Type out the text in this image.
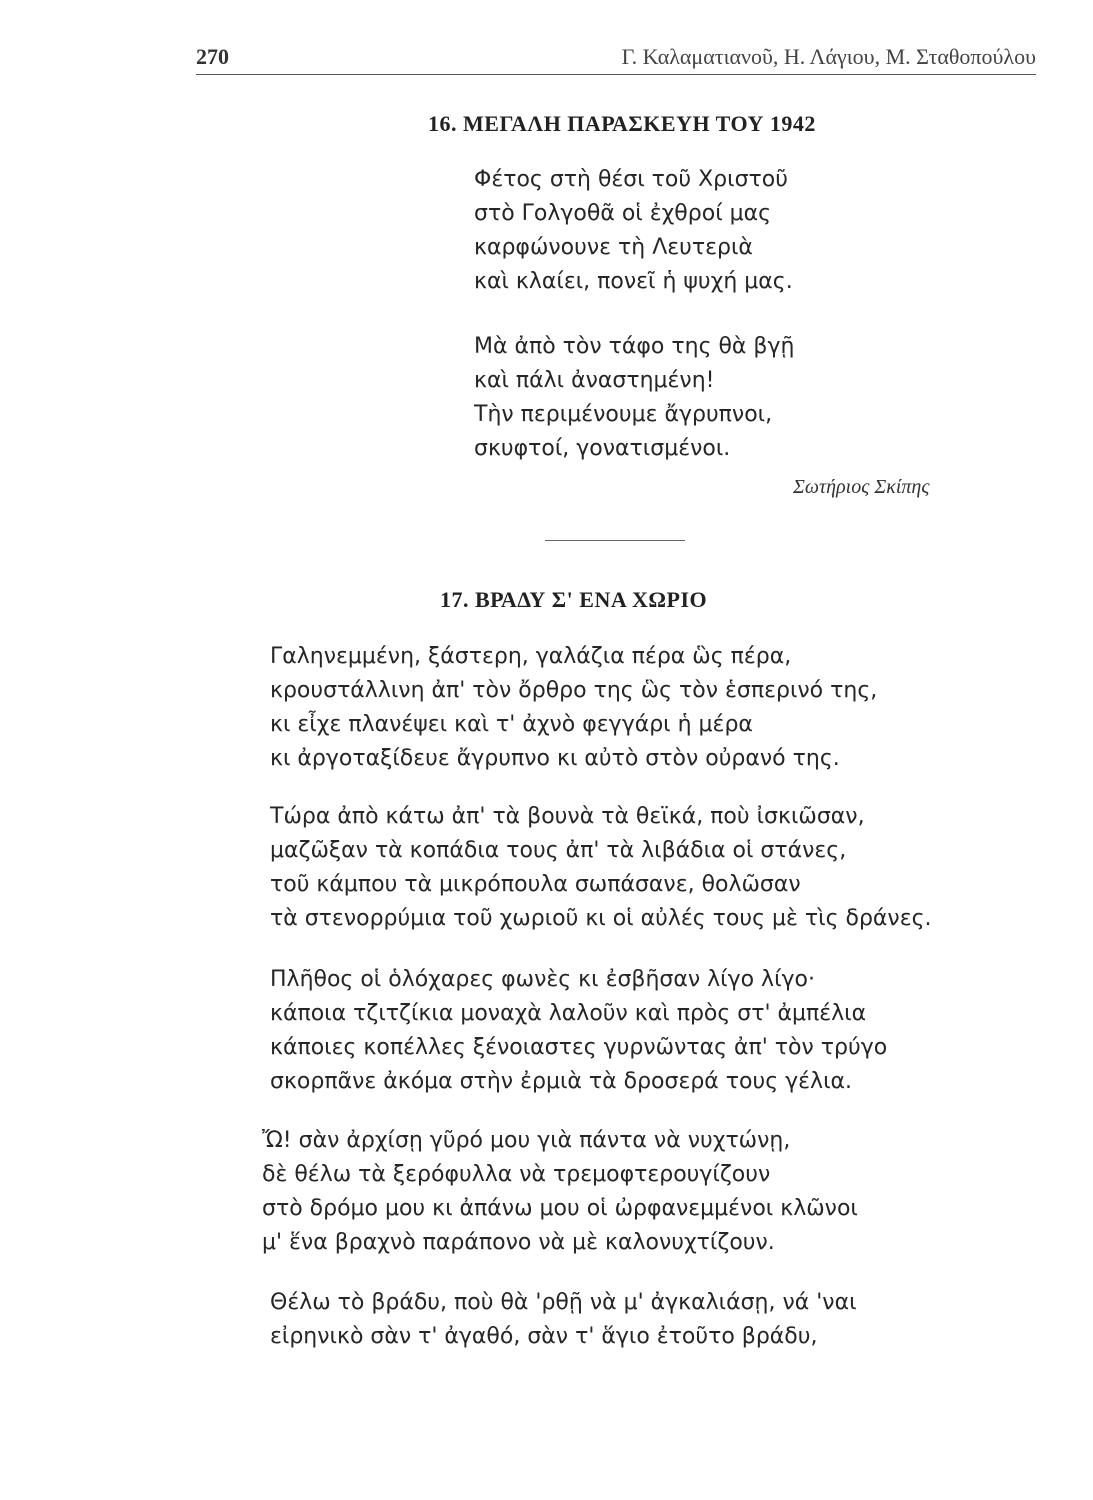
270	Γ. Καλαματιανοῦ, Η. Λάγιου, Μ. Σταθοπούλου
16. ΜΕΓΑΛΗ ΠΑΡΑΣΚΕΥΗ ΤΟΥ 1942
Φέτος στὴ θέσι τοῦ Χριστοῦ
στὸ Γολγοθᾶ οἱ ἐχθροί μας
καρφώνουνε τὴ Λευτεριὰ
καὶ κλαίει, πονεῖ ἡ ψυχή μας.
Μὰ ἀπὸ τὸν τάφο της θὰ βγῇ
καὶ πάλι ἀναστημένη!
Τὴν περιμένουμε ἄγρυπνοι,
σκυφτοί, γονατισμένοι.
Σωτήριος Σκίπης
17. ΒΡΑΔΥ Σ' ΕΝΑ ΧΩΡΙΟ
Γαληνεμμένη, ξάστερη, γαλάζια πέρα ὣς πέρα,
κρουστάλλινη ἀπ' τὸν ὄρθρο της ὣς τὸν ἑσπερινό της,
κι εἶχε πλανέψει καὶ τ' ἀχνὸ φεγγάρι ἡ μέρα
κι ἀργοταξίδευε ἄγρυπνο κι αὐτὸ στὸν οὐρανό της.
Τώρα ἀπὸ κάτω ἀπ' τὰ βουνὰ τὰ θεϊκά, ποὺ ἰσκιῶσαν,
μαζῶξαν τὰ κοπάδια τους ἀπ' τὰ λιβάδια οἱ στάνες,
τοῦ κάμπου τὰ μικρόπουλα σωπάσανε, θολῶσαν
τὰ στενορρύμια τοῦ χωριοῦ κι οἱ αὐλές τους μὲ τὶς δράνες.
Πλῆθος οἱ ὁλόχαρες φωνὲς κι ἐσβῆσαν λίγο λίγο·
κάποια τζιτζίκια μοναχὰ λαλοῦν καὶ πρὸς στ' ἀμπέλια
κάποιες κοπέλλες ξένοιαστες γυρνῶντας ἀπ' τὸν τρύγο
σκορπᾶνε ἀκόμα στὴν ἐρμιὰ τὰ δροσερά τους γέλια.
Ὤ! σὰν ἀρχίσῃ γῦρό μου γιὰ πάντα νὰ νυχτώνῃ,
δὲ θέλω τὰ ξερόφυλλα νὰ τρεμοφτερουγίζουν
στὸ δρόμο μου κι ἀπάνω μου οἱ ὠρφανεμμένοι κλῶνοι
μ' ἕνα βραχνὸ παράπονο νὰ μὲ καλονυχτίζουν.
Θέλω τὸ βράδυ, ποὺ θὰ 'ρθῇ νὰ μ' ἀγκαλιάσῃ, νά 'ναι
εἰρηνικὸ σὰν τ' ἀγαθό, σὰν τ' ἅγιο ἐτοῦτο βράδυ,
